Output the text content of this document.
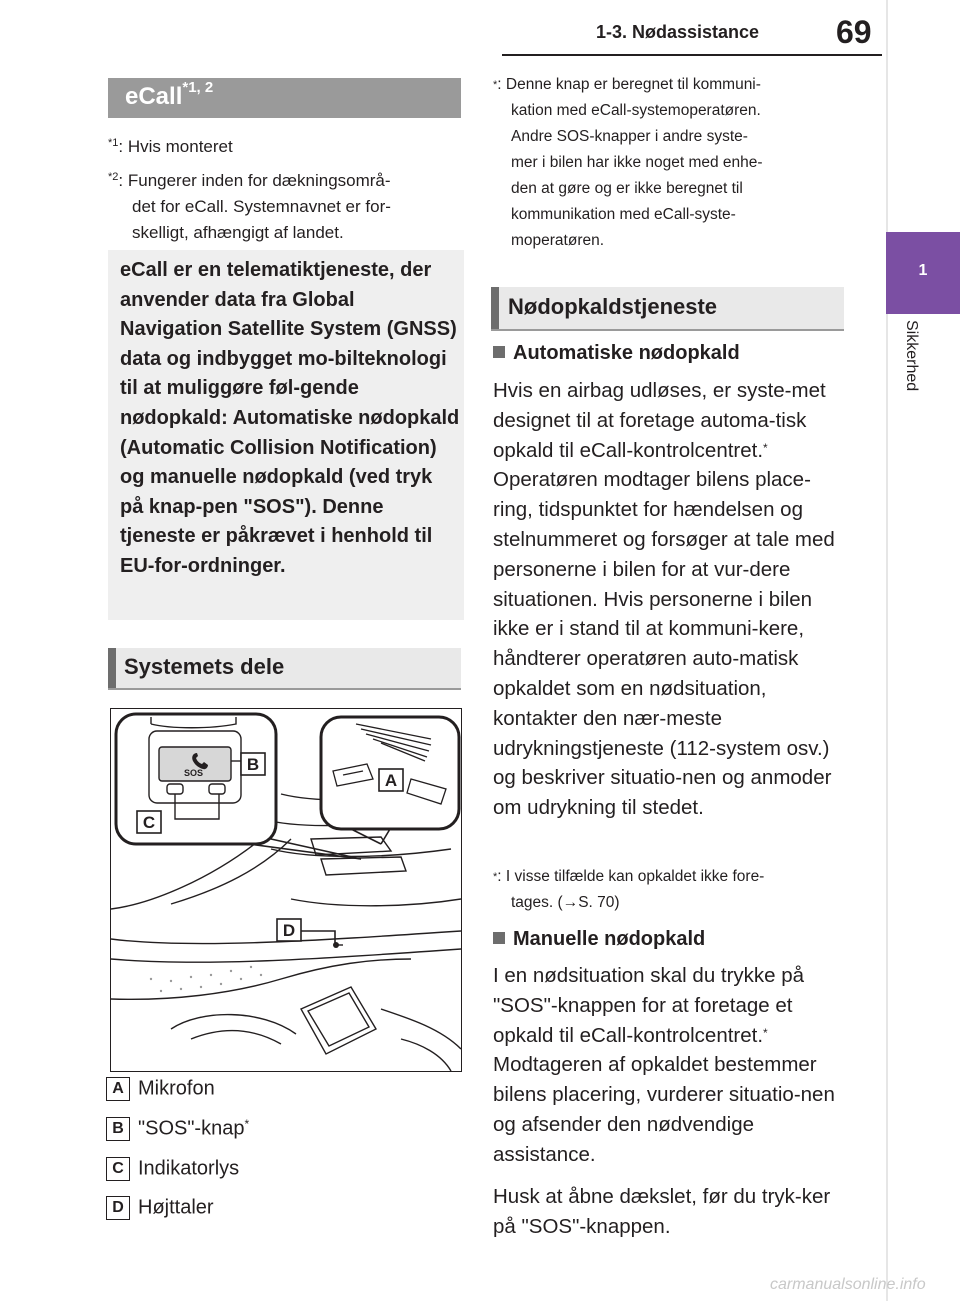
1-3. Nødassistance 69
1
Sikkerhed
eCall$^{*1, 2}$
$^{*1}$: Hvis monteret
$^{*2}$: Fungerer inden for dækningsområ-
det for eCall. Systemnavnet er for-
skelligt, afhængigt af landet.

eCall er en telematiktjeneste, der anvender data fra Global Navigation Satellite System (GNSS) data og indbygget mo-bilteknologi til at muliggøre føl-gende nødopkald: Automatiske nødopkald (Automatic Collision Notification) og manuelle nødopkald (ved tryk på knap-pen "SOS"). Denne tjeneste er påkrævet i henhold til EU-for-ordninger.

Systemets dele
SOS	B
A
C
D
A Mikrofon
B "SOS"-knap*
C Indikatorlys
D Højttaler
*: Denne knap er beregnet til kommuni-
kation med eCall-systemoperatøren.
Andre SOS-knapper i andre syste-
mer i bilen har ikke noget med enhe-
den at gøre og er ikke beregnet til
kommunikation med eCall-syste-
moperatøren.
Nødopkaldstjeneste
Automatiske nødopkald
Hvis en airbag udløses, er syste-met designet til at foretage automa-tisk opkald til eCall-kontrolcentret.* Operatøren modtager bilens place-ring, tidspunktet for hændelsen og stelnummeret og forsøger at tale med personerne i bilen for at vur-dere situationen. Hvis personerne i bilen ikke er i stand til at kommuni-kere, håndterer operatøren auto-matisk opkaldet som en nødsituation, kontakter den nær-meste udrykningstjeneste (112-system osv.) og beskriver situatio-nen og anmoder om udrykning til stedet.
*: I visse tilfælde kan opkaldet ikke fore-
tages. (→S. 70)
Manuelle nødopkald
I en nødsituation skal du trykke på "SOS"-knappen for at foretage et opkald til eCall-kontrolcentret.* Modtageren af opkaldet bestemmer bilens placering, vurderer situatio-nen og afsender den nødvendige assistance.
Husk at åbne dækslet, før du tryk-ker på "SOS"-knappen.
carmanualsonline.info
